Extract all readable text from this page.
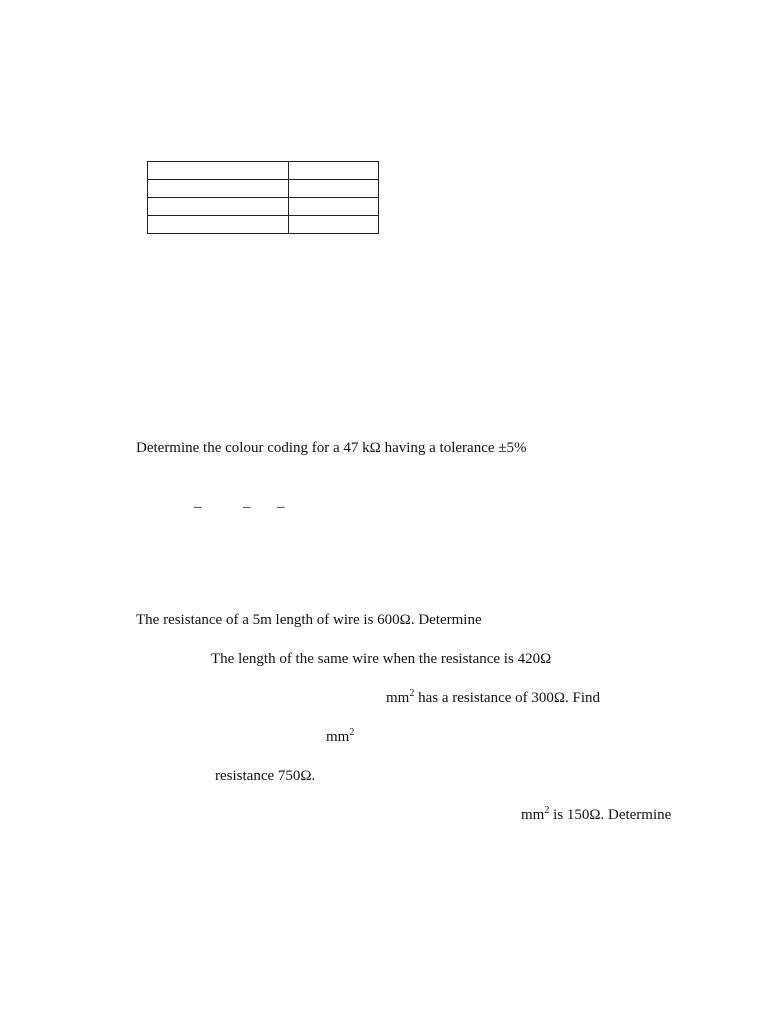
Determine the colour coding for a 47 kΩ having a tolerance ±5%
–	– –
The resistance of a 5m length of wire is 600Ω. Determine
The length of the same wire when the resistance is 420Ω
$mm^2$ has a resistance of 300Ω. Find
$mm^2$
resistance 750Ω.
$mm^2$ is 150Ω. Determine
